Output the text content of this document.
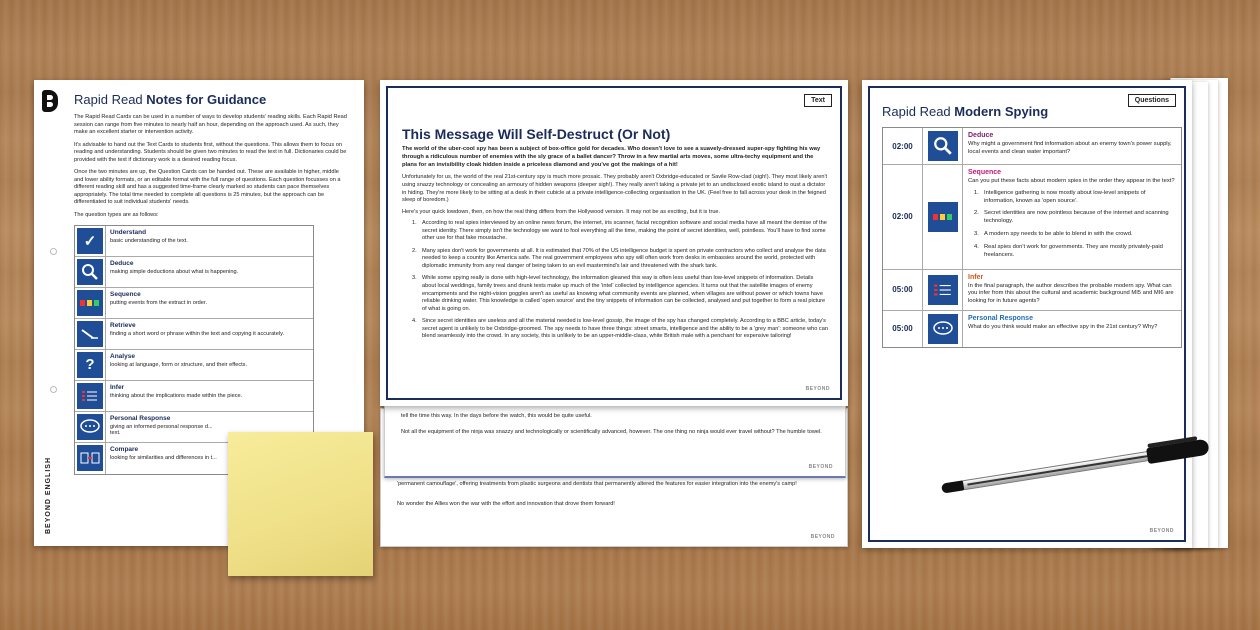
BEYOND ENGLISH
Rapid Read Notes for Guidance

The Rapid Read Cards can be used in a number of ways to develop students' reading skills. Each Rapid Read session can range from five minutes to nearly half an hour, depending on the approach used. As such, they make an excellent starter or intervention activity.

It's advisable to hand out the Text Cards to students first, without the questions. This allows them to focus on reading and understanding. Students should be given two minutes to read the text in full. Dictionaries could be provided with the text if dictionary work is a desired reading focus.

Once the two minutes are up, the Question Cards can be handed out. These are available in higher, middle and lower ability formats, or an editable format with the full range of questions. Each question focusses on a different reading skill and has a suggested time-frame clearly marked so students can pace themselves appropriately. The total time needed to complete all questions is 25 minutes, but the approach can be differentiated to suit individual students' needs.

The question types are as follows:

✓
Understand
basic understanding of the text.
Deduce
making simple deductions about what is happening.
Sequence
putting events from the extract in order.
Retrieve
finding a short word or phrase within the text and copying it accurately.
?	Analyse
looking at language, form or structure, and their effects.
Infer
thinking about the implications made within the piece.
Personal Response
giving an informed personal response d...
text.
Compare
looking for similarities and differences in t...
'permanent camouflage', offering treatments from plastic surgeons and dentists that permanently altered the features for easier integration into the enemy's camp!
No wonder the Allies won the war with the effort and innovation that drove them forward!
BEYOND
tell the time this way. In the days before the watch, this would be quite useful.
Not all the equipment of the ninja was snazzy and technologically or scientifically advanced, however. The one thing no ninja would ever travel without? The humble towel.
BEYOND
Text
This Message Will Self-Destruct (Or Not)

The world of the uber-cool spy has been a subject of box-office gold for decades. Who doesn't love to see a suavely-dressed super-spy fighting his way through a ridiculous number of enemies with the sly grace of a ballet dancer? Throw in a few martial arts moves, some ultra-techy equipment and the plans for an invisibility cloak hidden inside a priceless diamond and you've got the makings of a hit!

Unfortunately for us, the world of the real 21st-century spy is much more prosaic. They probably aren't Oxbridge-educated or Savile Row-clad (sigh!). They most likely aren't using snazzy technology or concealing an armoury of hidden weapons (deeper sigh!). They really aren't taking a private jet to an undisclosed exotic island to oust a dictator in hiding. They're more likely to be sitting at a desk in their cubicle at a private intelligence-collecting organisation in the UK. (Feel free to fall across your desk in the feigned sleep of boredom.)

Here's your quick lowdown, then, on how the real thing differs from the Hollywood version. It may not be as exciting, but it is true.

1. According to real spies interviewed by an online news forum, the internet, iris scanner, facial recognition software and social media have all meant the demise of the secret identity. There simply isn't the technology we want to fool everything all the time, making the point of secret identities, well, pointless. You'll have to find some other use for that fake moustache.
2. Many spies don't work for governments at all. It is estimated that 70% of the US intelligence budget is spent on private contractors who collect and analyse the data needed to keep a country like America safe. The real government employees who spy will often work from desks in embassies around the world, protected with diplomatic immunity from any real danger of being taken to an evil mastermind's lair and threatened with the shark tank.
3. While some spying really is done with high-level technology, the information gleaned this way is often less useful than low-level snippets of information. Details about local weddings, family trees and drunk texts make up much of the 'intel' collected by intelligence agencies. It turns out that the satellite images of enemy encampments and the night-vision goggles aren't as useful as knowing what community events are planned, when villages are without power or which towns have reliable drinking water. This knowledge is called 'open source' and the tiny snippets of information can be collected, analysed and put together to form a real picture of what is going on.
4. Since secret identities are useless and all the material needed is low-level gossip, the image of the spy has changed completely. According to a BBC article, today's secret agent is unlikely to be Oxbridge-groomed. The spy needs to have three things: street smarts, intelligence and the ability to be a 'grey man': someone who can blend seamlessly into the crowd. In any society, this is unlikely to be an upper-middle-class, white British male with a penchant for expensive tailoring!
BEYOND
Questions
Rapid Read Modern Spying
02:00
Deduce
Why might a government find information about an enemy town's power supply, local events and clean water important?
02:00
Sequence
Can you put these facts about modern spies in the order they appear in the text?
1. Intelligence gathering is now mostly about low-level snippets of information, known as 'open source'.
2. Secret identities are now pointless because of the internet and scanning technology.
3. A modern spy needs to be able to blend in with the crowd.
4. Real spies don't work for governments. They are mostly privately-paid freelancers.
05:00
Infer
In the final paragraph, the author describes the probable modern spy. What can you infer from this about the cultural and academic background MI5 and MI6 are looking for in future agents?
05:00
Personal Response
What do you think would make an effective spy in the 21st century? Why?
BEYOND
